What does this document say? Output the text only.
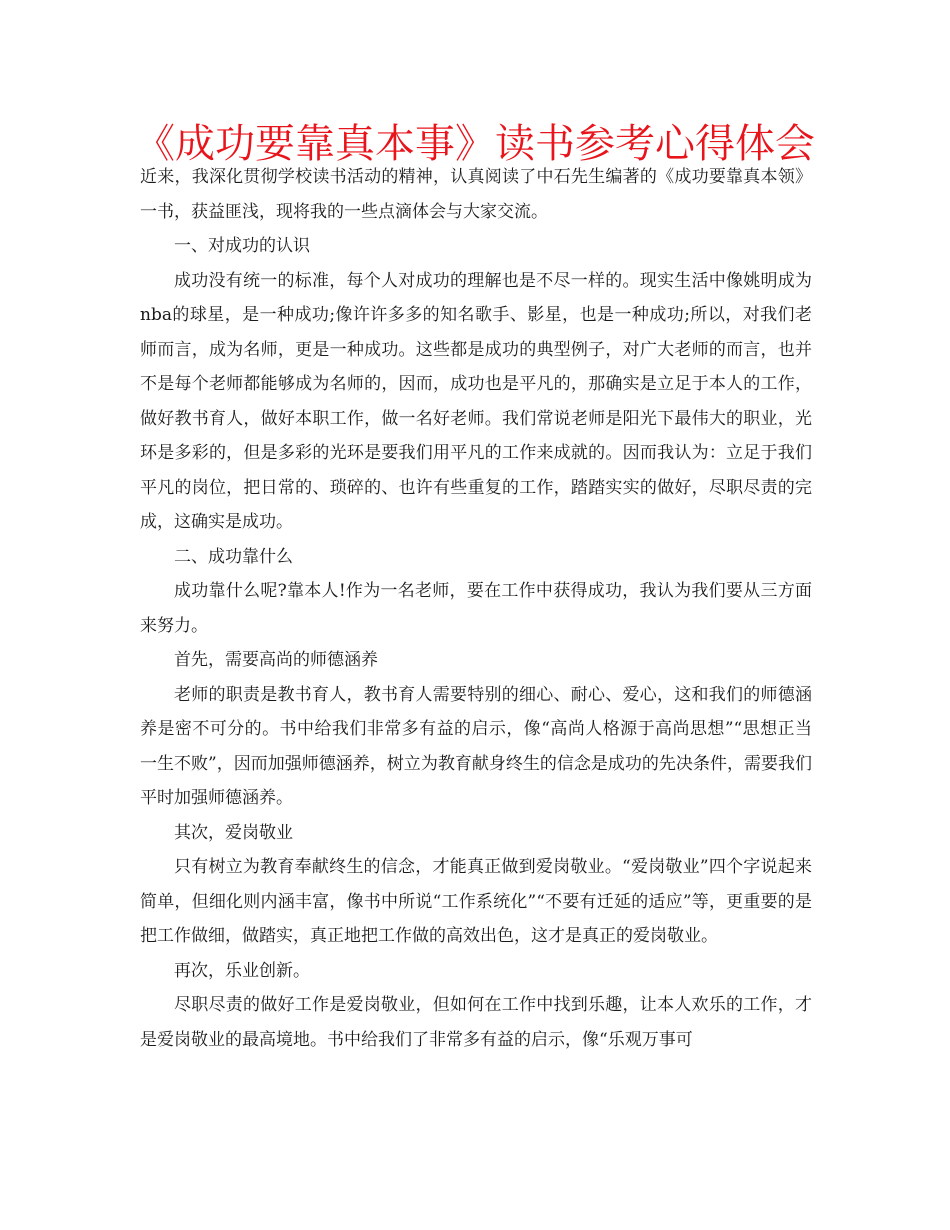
《成功要靠真本事》读书参考心得体会

近来，我深化贯彻学校读书活动的精神，认真阅读了中石先生编著的《成功要靠真本领》一书，获益匪浅，现将我的一些点滴体会与大家交流。

一、对成功的认识

成功没有统一的标准，每个人对成功的理解也是不尽一样的。现实生活中像姚明成为nba的球星，是一种成功;像许许多多的知名歌手、影星，也是一种成功;所以，对我们老师而言，成为名师，更是一种成功。这些都是成功的典型例子，对广大老师的而言，也并不是每个老师都能够成为名师的，因而，成功也是平凡的，那确实是立足于本人的工作，做好教书育人，做好本职工作，做一名好老师。我们常说老师是阳光下最伟大的职业，光环是多彩的，但是多彩的光环是要我们用平凡的工作来成就的。因而我认为：立足于我们平凡的岗位，把日常的、琐碎的、也许有些重复的工作，踏踏实实的做好，尽职尽责的完成，这确实是成功。

二、成功靠什么

成功靠什么呢?靠本人!作为一名老师，要在工作中获得成功，我认为我们要从三方面来努力。

首先，需要高尚的师德涵养

老师的职责是教书育人，教书育人需要特别的细心、耐心、爱心，这和我们的师德涵养是密不可分的。书中给我们非常多有益的启示，像“高尚人格源于高尚思想”“思想正当一生不败”，因而加强师德涵养，树立为教育献身终生的信念是成功的先决条件，需要我们平时加强师德涵养。

其次，爱岗敬业

只有树立为教育奉献终生的信念，才能真正做到爱岗敬业。“爱岗敬业”四个字说起来简单，但细化则内涵丰富，像书中所说“工作系统化”“不要有迁延的适应”等，更重要的是把工作做细，做踏实，真正地把工作做的高效出色，这才是真正的爱岗敬业。

再次，乐业创新。

尽职尽责的做好工作是爱岗敬业，但如何在工作中找到乐趣，让本人欢乐的工作，才是爱岗敬业的最高境地。书中给我们了非常多有益的启示，像“乐观万事可
